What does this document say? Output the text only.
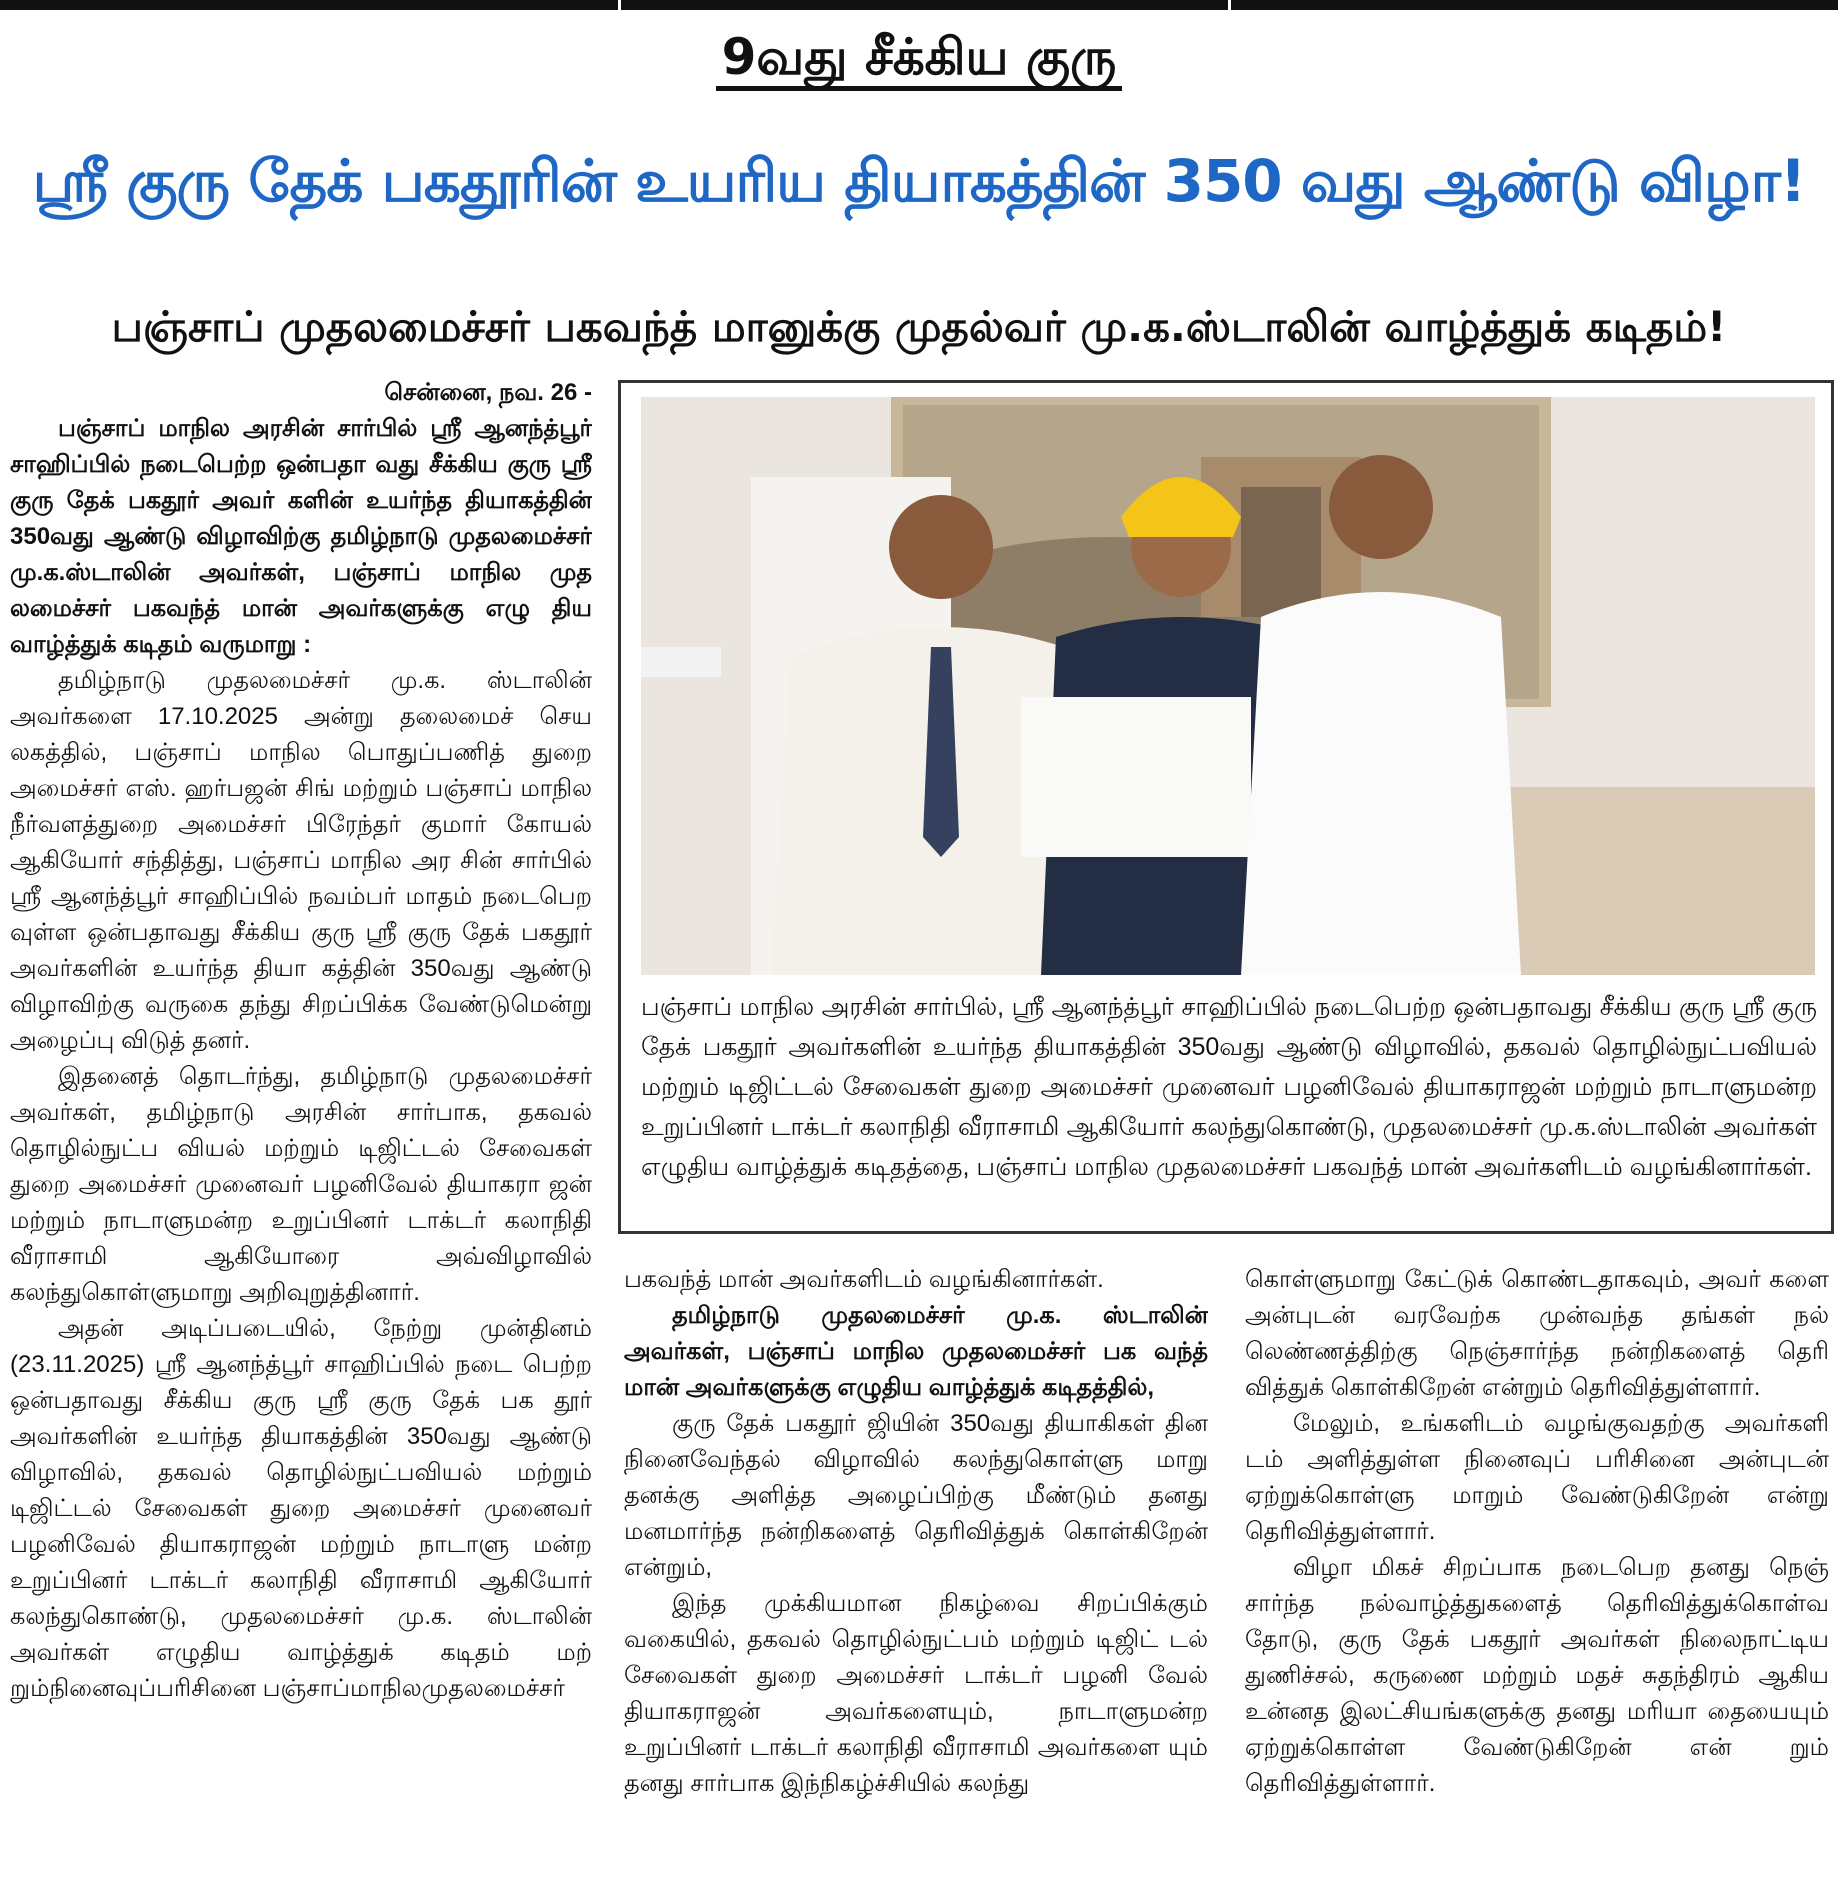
9வது சீக்கிய குரு
ஸ்ரீ குரு தேக் பகதூரின் உயரிய தியாகத்தின் 350 வது ஆண்டு விழா!
பஞ்சாப் முதலமைச்சர் பகவந்த் மானுக்கு முதல்வர் மு.க.ஸ்டாலின் வாழ்த்துக் கடிதம்!

சென்னை, நவ. 26 -

பஞ்சாப் மாநில அரசின் சார்பில் ஸ்ரீ ஆனந்த்பூர் சாஹிப்பில் நடைபெற்ற ஒன்பதா வது சீக்கிய குரு ஸ்ரீ குரு தேக் பகதூர் அவர் களின் உயர்ந்த தியாகத்தின் 350வது ஆண்டு விழாவிற்கு தமிழ்நாடு முதலமைச்சர் மு.க.ஸ்டாலின் அவர்கள், பஞ்சாப் மாநில முத லமைச்சர் பகவந்த் மான் அவர்களுக்கு எழு திய வாழ்த்துக் கடிதம் வருமாறு :

தமிழ்நாடு முதலமைச்சர் மு.க. ஸ்டாலின் அவர்களை 17.10.2025 அன்று தலைமைச் செய லகத்தில், பஞ்சாப் மாநில பொதுப்பணித் துறை அமைச்சர் எஸ். ஹர்பஜன் சிங் மற்றும் பஞ்சாப் மாநில நீர்வளத்துறை அமைச்சர் பிரேந்தர் குமார் கோயல் ஆகியோர் சந்தித்து, பஞ்சாப் மாநில அர சின் சார்பில் ஸ்ரீ ஆனந்த்பூர் சாஹிப்பில் நவம்பர் மாதம் நடைபெற வுள்ள ஒன்பதாவது சீக்கிய குரு ஸ்ரீ குரு தேக் பகதூர் அவர்களின் உயர்ந்த தியா கத்தின் 350வது ஆண்டு விழாவிற்கு வருகை தந்து சிறப்பிக்க வேண்டுமென்று அழைப்பு விடுத் தனர்.

இதனைத் தொடர்ந்து, தமிழ்நாடு முதலமைச்சர் அவர்கள், தமிழ்நாடு அரசின் சார்பாக, தகவல் தொழில்நுட்ப வியல் மற்றும் டிஜிட்டல் சேவைகள் துறை அமைச்சர் முனைவர் பழனிவேல் தியாகரா ஜன் மற்றும் நாடாளுமன்ற உறுப்பினர் டாக்டர் கலாநிதி வீராசாமி ஆகியோரை அவ்விழாவில் கலந்துகொள்ளுமாறு அறிவுறுத்தினார்.

அதன் அடிப்படையில், நேற்று முன்தினம் (23.11.2025) ஸ்ரீ ஆனந்த்பூர் சாஹிப்பில் நடை பெற்ற ஒன்பதாவது சீக்கிய குரு ஸ்ரீ குரு தேக் பக தூர் அவர்களின் உயர்ந்த தியாகத்தின் 350வது ஆண்டு விழாவில், தகவல் தொழில்நுட்பவியல் மற்றும் டிஜிட்டல் சேவைகள் துறை அமைச்சர் முனைவர் பழனிவேல் தியாகராஜன் மற்றும் நாடாளு மன்ற உறுப்பினர் டாக்டர் கலாநிதி வீராசாமி ஆகியோர் கலந்துகொண்டு, முதலமைச்சர் மு.க. ஸ்டாலின் அவர்கள் எழுதிய வாழ்த்துக் கடிதம் மற் றும்நினைவுப்பரிசினை பஞ்சாப்மாநிலமுதலமைச்சர்

பஞ்சாப் மாநில அரசின் சார்பில், ஸ்ரீ ஆனந்த்பூர் சாஹிப்பில் நடைபெற்ற ஒன்பதாவது சீக்கிய குரு ஸ்ரீ குரு தேக் பகதூர் அவர்களின் உயர்ந்த தியாகத்தின் 350வது ஆண்டு விழாவில், தகவல் தொழில்நுட்பவியல் மற்றும் டிஜிட்டல் சேவைகள் துறை அமைச்சர் முனைவர் பழனிவேல் தியாகராஜன் மற்றும் நாடாளுமன்ற உறுப்பினர் டாக்டர் கலாநிதி வீராசாமி ஆகியோர் கலந்துகொண்டு, முதலமைச்சர் மு.க.ஸ்டாலின் அவர்கள் எழுதிய வாழ்த்துக் கடிதத்தை, பஞ்சாப் மாநில முதலமைச்சர் பகவந்த் மான் அவர்களிடம் வழங்கினார்கள்.

பகவந்த் மான் அவர்களிடம் வழங்கினார்கள்.

தமிழ்நாடு முதலமைச்சர் மு.க. ஸ்டாலின் அவர்கள், பஞ்சாப் மாநில முதலமைச்சர் பக வந்த் மான் அவர்களுக்கு எழுதிய வாழ்த்துக் கடிதத்தில்,

குரு தேக் பகதூர் ஜியின் 350வது தியாகிகள் தின நினைவேந்தல் விழாவில் கலந்துகொள்ளு மாறு தனக்கு அளித்த அழைப்பிற்கு மீண்டும் தனது மனமார்ந்த நன்றிகளைத் தெரிவித்துக் கொள்கிறேன் என்றும்,

இந்த முக்கியமான நிகழ்வை சிறப்பிக்கும் வகையில், தகவல் தொழில்நுட்பம் மற்றும் டிஜிட் டல் சேவைகள் துறை அமைச்சர் டாக்டர் பழனி வேல் தியாகராஜன் அவர்களையும், நாடாளுமன்ற உறுப்பினர் டாக்டர் கலாநிதி வீராசாமி அவர்களை யும் தனது சார்பாக இந்நிகழ்ச்சியில் கலந்து

கொள்ளுமாறு கேட்டுக் கொண்டதாகவும், அவர் களை அன்புடன் வரவேற்க முன்வந்த தங்கள் நல் லெண்ணத்திற்கு நெஞ்சார்ந்த நன்றிகளைத் தெரி வித்துக் கொள்கிறேன் என்றும் தெரிவித்துள்ளார்.

மேலும், உங்களிடம் வழங்குவதற்கு அவர்களி டம் அளித்துள்ள நினைவுப் பரிசினை அன்புடன் ஏற்றுக்கொள்ளு மாறும் வேண்டுகிறேன் என்று தெரிவித்துள்ளார்.

விழா மிகச் சிறப்பாக நடைபெற தனது நெஞ் சார்ந்த நல்வாழ்த்துகளைத் தெரிவித்துக்கொள்வ தோடு, குரு தேக் பகதூர் அவர்கள் நிலைநாட்டிய துணிச்சல், கருணை மற்றும் மதச் சுதந்திரம் ஆகிய உன்னத இலட்சியங்களுக்கு தனது மரியா தையையும் ஏற்றுக்கொள்ள வேண்டுகிறேன் என் றும் தெரிவித்துள்ளார்.
